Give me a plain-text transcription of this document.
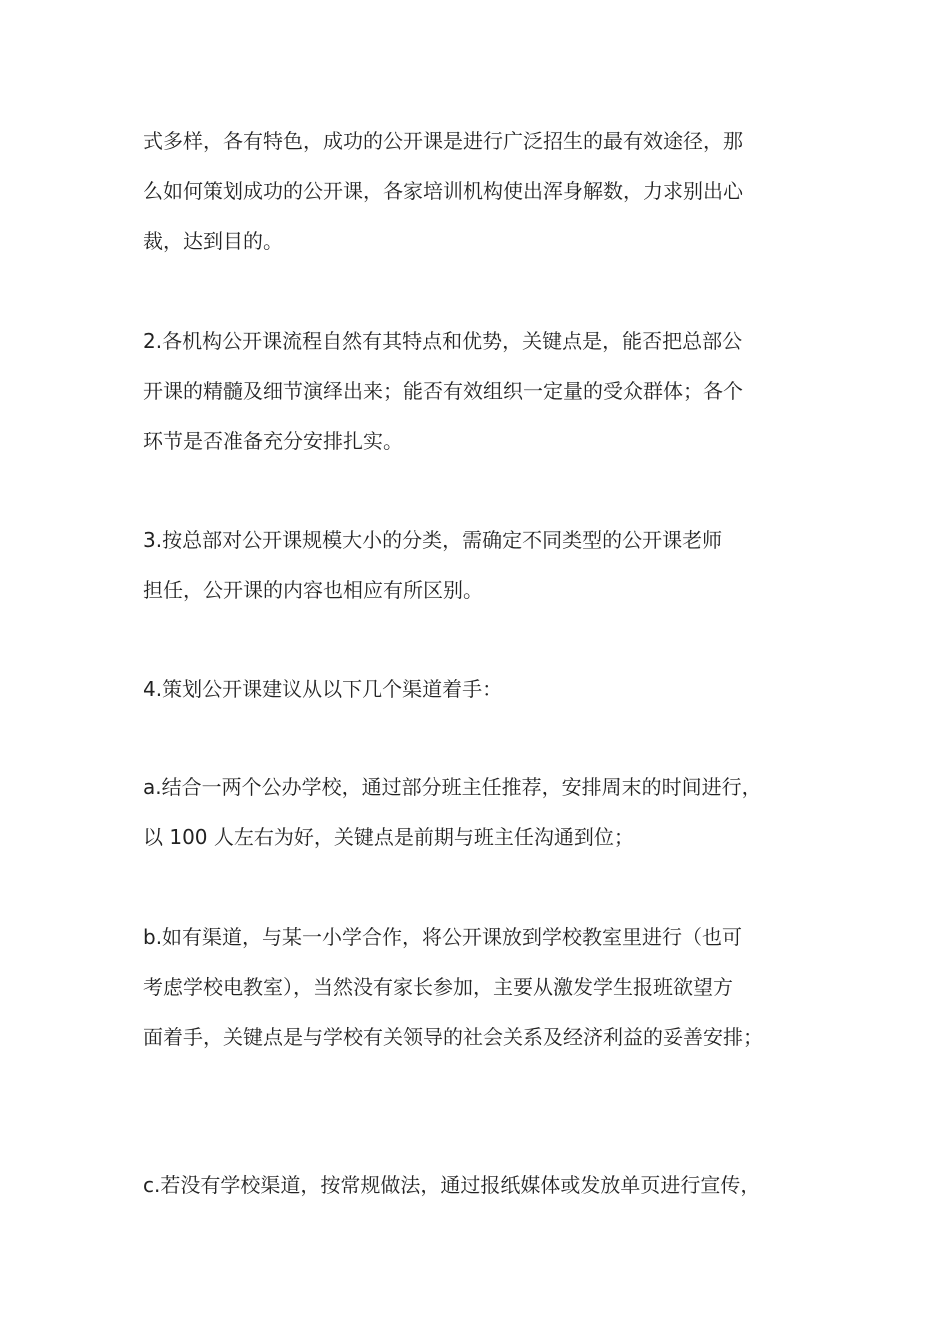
式多样，各有特色，成功的公开课是进行广泛招生的最有效途径，那
么如何策划成功的公开课，各家培训机构使出浑身解数，力求别出心
裁，达到目的。

2.各机构公开课流程自然有其特点和优势，关键点是，能否把总部公
开课的精髓及细节演绎出来；能否有效组织一定量的受众群体；各个
环节是否准备充分安排扎实。

3.按总部对公开课规模大小的分类，需确定不同类型的公开课老师
担任，公开课的内容也相应有所区别。

4.策划公开课建议从以下几个渠道着手：

a.结合一两个公办学校，通过部分班主任推荐，安排周末的时间进行，
以 100 人左右为好，关键点是前期与班主任沟通到位；

b.如有渠道，与某一小学合作，将公开课放到学校教室里进行（也可
考虑学校电教室），当然没有家长参加，主要从激发学生报班欲望方
面着手，关键点是与学校有关领导的社会关系及经济利益的妥善安排；

c.若没有学校渠道，按常规做法，通过报纸媒体或发放单页进行宣传，
